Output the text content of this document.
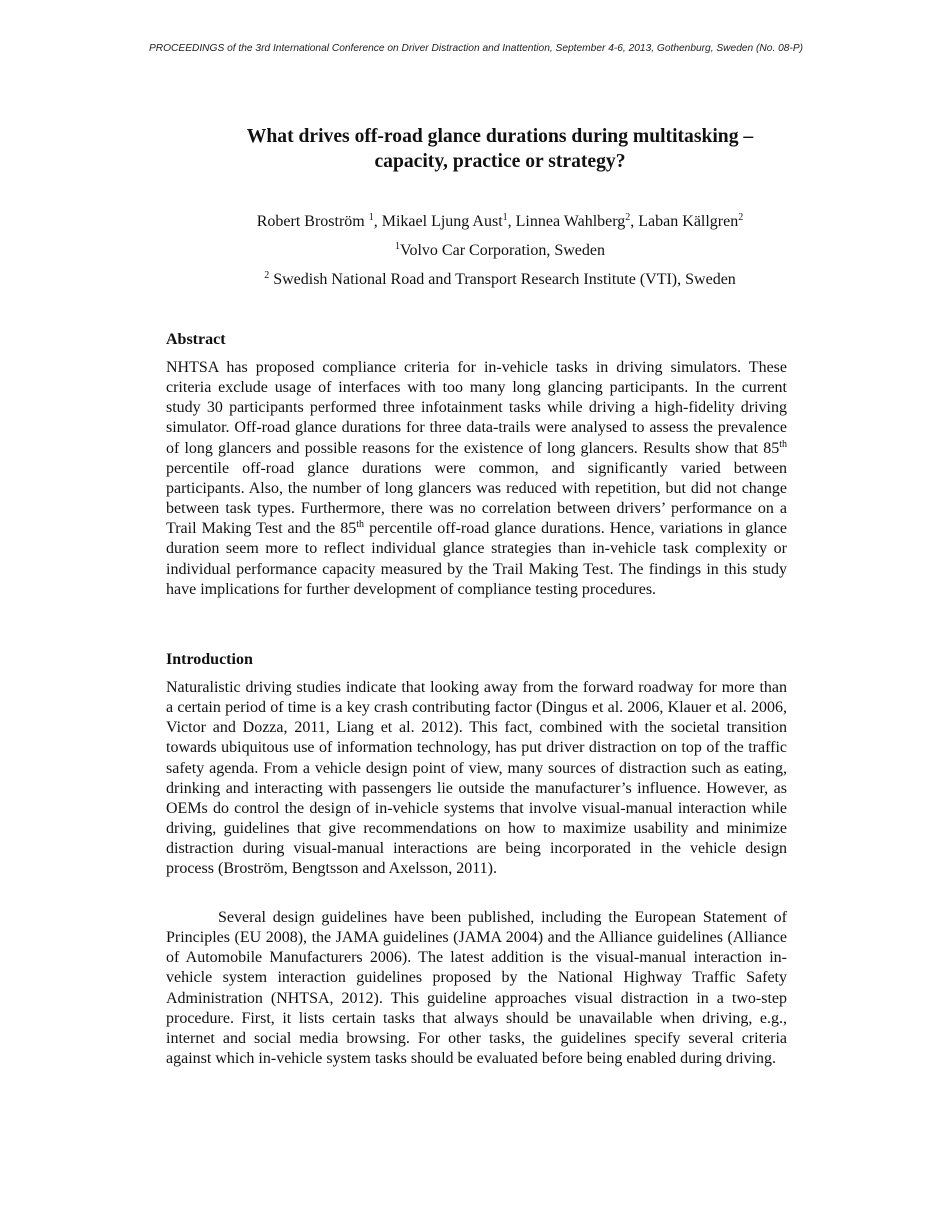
PROCEEDINGS of the 3rd International Conference on Driver Distraction and Inattention, September 4-6, 2013, Gothenburg, Sweden (No. 08-P)
What drives off-road glance durations during multitasking –
capacity, practice or strategy?
Robert Broström $^1$, Mikael Ljung Aust$^1$, Linnea Wahlberg$^2$, Laban Källgren$^2$
$^1$Volvo Car Corporation, Sweden
$^2$ Swedish National Road and Transport Research Institute (VTI), Sweden
Abstract

NHTSA has proposed compliance criteria for in-vehicle tasks in driving simulators. These criteria exclude usage of interfaces with too many long glancing participants. In the current study 30 participants performed three infotainment tasks while driving a high-fidelity driving simulator. Off-road glance durations for three data-trails were analysed to assess the prevalence of long glancers and possible reasons for the existence of long glancers. Results show that 85th percentile off-road glance durations were common, and significantly varied between participants. Also, the number of long glancers was reduced with repetition, but did not change between task types. Furthermore, there was no correlation between drivers’ performance on a Trail Making Test and the 85th percentile off-road glance durations. Hence, variations in glance duration seem more to reflect individual glance strategies than in-vehicle task complexity or individual performance capacity measured by the Trail Making Test. The findings in this study have implications for further development of compliance testing procedures.

Introduction

Naturalistic driving studies indicate that looking away from the forward roadway for more than a certain period of time is a key crash contributing factor (Dingus et al. 2006, Klauer et al. 2006, Victor and Dozza, 2011, Liang et al. 2012). This fact, combined with the societal transition towards ubiquitous use of information technology, has put driver distraction on top of the traffic safety agenda. From a vehicle design point of view, many sources of distraction such as eating, drinking and interacting with passengers lie outside the manufacturer’s influence. However, as OEMs do control the design of in-vehicle systems that involve visual-manual interaction while driving, guidelines that give recommendations on how to maximize usability and minimize distraction during visual-manual interactions are being incorporated in the vehicle design process (Broström, Bengtsson and Axelsson, 2011).

Several design guidelines have been published, including the European Statement of Principles (EU 2008), the JAMA guidelines (JAMA 2004) and the Alliance guidelines (Alliance of Automobile Manufacturers 2006). The latest addition is the visual-manual interaction in-vehicle system interaction guidelines proposed by the National Highway Traffic Safety Administration (NHTSA, 2012). This guideline approaches visual distraction in a two-step procedure. First, it lists certain tasks that always should be unavailable when driving, e.g., internet and social media browsing. For other tasks, the guidelines specify several criteria against which in-vehicle system tasks should be evaluated before being enabled during driving.
